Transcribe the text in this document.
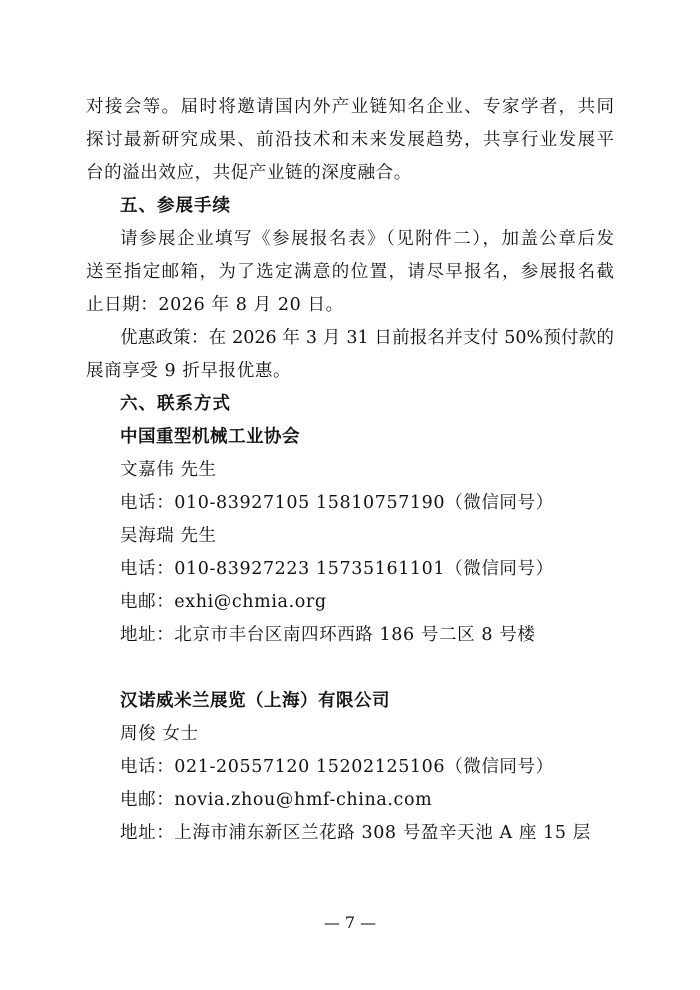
对接会等。届时将邀请国内外产业链知名企业、专家学者，共同
探讨最新研究成果、前沿技术和未来发展趋势，共享行业发展平
台的溢出效应，共促产业链的深度融合。
五、参展手续
请参展企业填写《参展报名表》（见附件二），加盖公章后发
送至指定邮箱，为了选定满意的位置，请尽早报名，参展报名截
止日期：2026 年 8 月 20 日。
优惠政策：在 2026 年 3 月 31 日前报名并支付 50%预付款的
展商享受 9 折早报优惠。
六、联系方式
中国重型机械工业协会
文嘉伟 先生
电话：010-83927105 15810757190（微信同号）
吴海瑞 先生
电话：010-83927223 15735161101（微信同号）
电邮：exhi@chmia.org
地址：北京市丰台区南四环西路 186 号二区 8 号楼
汉诺威米兰展览（上海）有限公司
周俊 女士
电话：021-20557120 15202125106（微信同号）
电邮：novia.zhou@hmf-china.com
地址：上海市浦东新区兰花路 308 号盈辛天池 A 座 15 层
— 7 —
